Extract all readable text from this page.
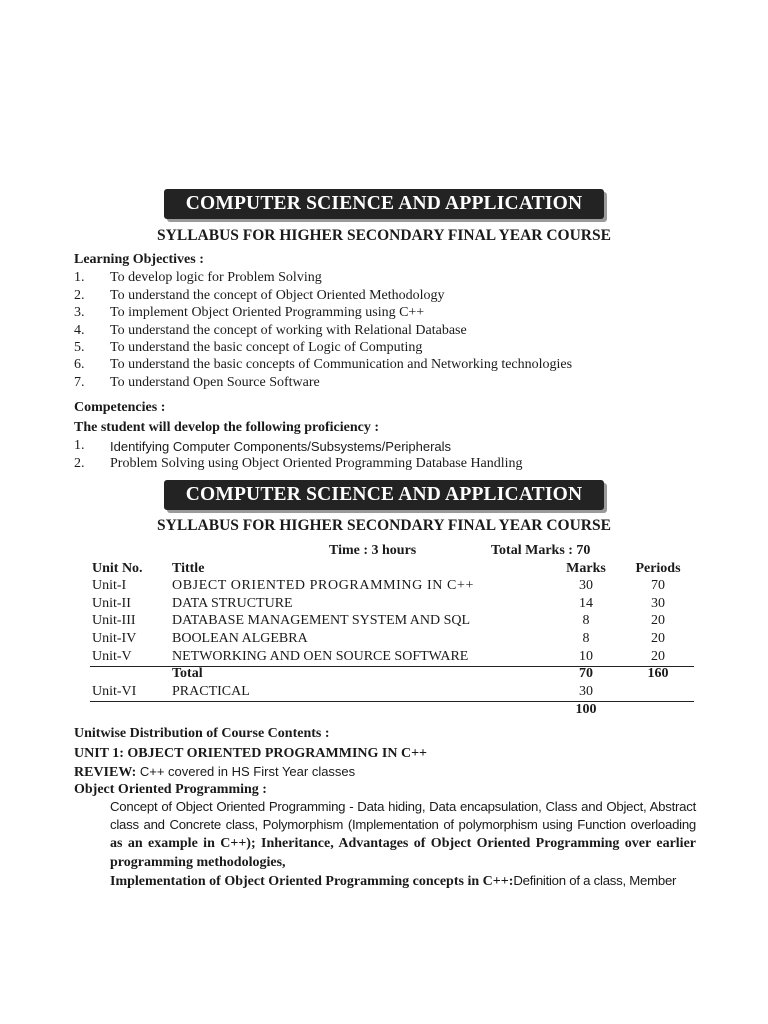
COMPUTER SCIENCE AND APPLICATION
SYLLABUS FOR HIGHER SECONDARY FINAL YEAR COURSE
Learning Objectives :
1. To develop logic for Problem Solving
2. To understand the concept of Object Oriented Methodology
3. To implement Object Oriented Programming using C++
4. To understand the concept of working with Relational Database
5. To understand the basic concept of Logic of Computing
6. To understand the basic concepts of Communication and Networking technologies
7. To understand Open Source Software
Competencies :
The student will develop the following proficiency :
1. Identifying Computer Components/Subsystems/Peripherals
2. Problem Solving using Object Oriented Programming Database Handling
COMPUTER SCIENCE AND APPLICATION
SYLLABUS FOR HIGHER SECONDARY FINAL YEAR COURSE
Time : 3 hours	Total Marks : 70
Unit No. Tittle	Marks	Periods
Unit-I	OBJECT ORIENTED PROGRAMMING IN C++	30	70
Unit-II	DATA STRUCTURE	14	30
Unit-III	DATABASE MANAGEMENT SYSTEM AND SQL	8	20
Unit-IV	BOOLEAN ALGEBRA	8	20
Unit-V	NETWORKING AND OEN SOURCE SOFTWARE	10	20
Total	70	160
Unit-VI	PRACTICAL	30
100
Unitwise Distribution of Course Contents :
UNIT 1: OBJECT ORIENTED PROGRAMMING IN C++
REVIEW: C++ covered in HS First Year classes
Object Oriented Programming :
Concept of Object Oriented Programming - Data hiding, Data encapsulation, Class and Object, Abstract class and Concrete class, Polymorphism (Implementation of polymorphism using Function overloading as an example in C++); Inheritance, Advantages of Object Oriented Programming over earlier programming methodologies,
Implementation of Object Oriented Programming concepts in C++:Definition of a class, Member
